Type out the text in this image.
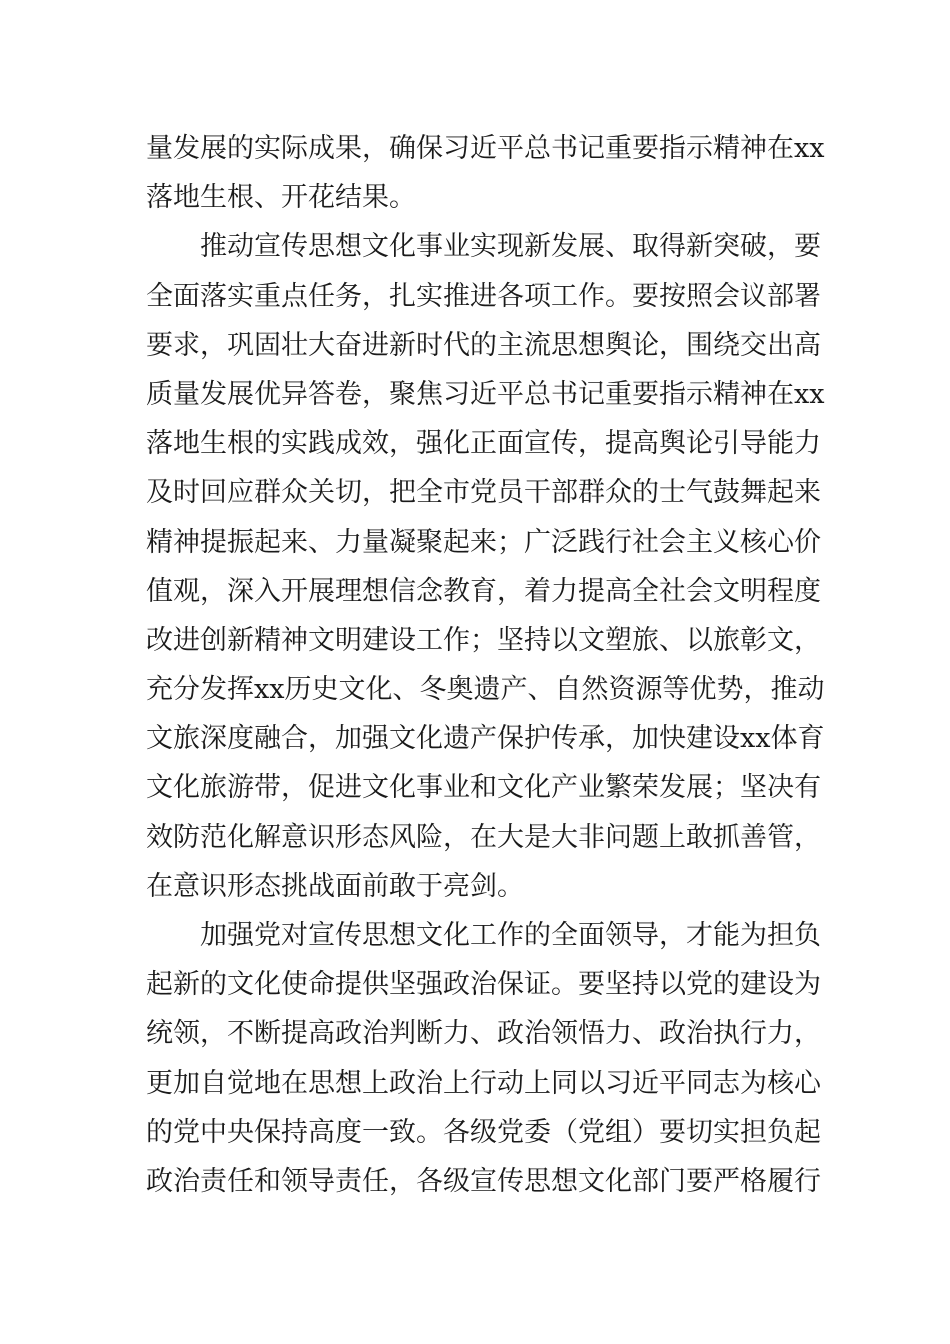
量发展的实际成果，确保习近平总书记重要指示精神在xx
落地生根、开花结果。
推动宣传思想文化事业实现新发展、取得新突破，要
全面落实重点任务，扎实推进各项工作。要按照会议部署
要求，巩固壮大奋进新时代的主流思想舆论，围绕交出高
质量发展优异答卷，聚焦习近平总书记重要指示精神在xx
落地生根的实践成效，强化正面宣传，提高舆论引导能力
及时回应群众关切，把全市党员干部群众的士气鼓舞起来
精神提振起来、力量凝聚起来；广泛践行社会主义核心价
值观，深入开展理想信念教育，着力提高全社会文明程度
改进创新精神文明建设工作；坚持以文塑旅、以旅彰文，
充分发挥xx历史文化、冬奥遗产、自然资源等优势，推动
文旅深度融合，加强文化遗产保护传承，加快建设xx体育
文化旅游带，促进文化事业和文化产业繁荣发展；坚决有
效防范化解意识形态风险，在大是大非问题上敢抓善管，
在意识形态挑战面前敢于亮剑。
加强党对宣传思想文化工作的全面领导，才能为担负
起新的文化使命提供坚强政治保证。要坚持以党的建设为
统领，不断提高政治判断力、政治领悟力、政治执行力，
更加自觉地在思想上政治上行动上同以习近平同志为核心
的党中央保持高度一致。各级党委（党组）要切实担负起
政治责任和领导责任，各级宣传思想文化部门要严格履行
